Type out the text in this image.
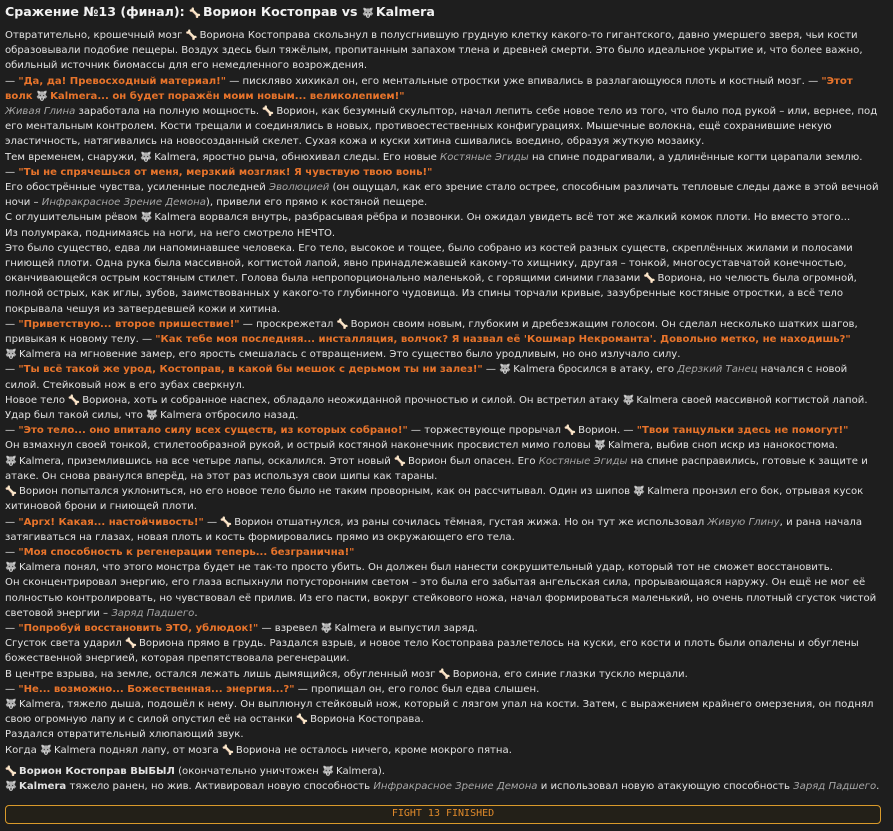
Сражение №13 (финал): 🦴 Ворион Костоправ vs 🐺 Kalmera

Отвратительно, крошечный мозг 🦴 Вориона Костоправа скользнул в полусгнившую грудную клетку какого-то гигантского, давно умершего зверя, чьи кости образовывали подобие пещеры. Воздух здесь был тяжёлым, пропитанным запахом тлена и древней смерти. Это было идеальное укрытие и, что более важно, обильный источник биомассы для его немедленного возрождения.

— "Да, да! Превосходный материал!" — писклявo хихикал он, его ментальные отростки уже впивались в разлагающуюся плоть и костный мозг. — "Этот волк 🐺 Kalmera... он будет поражён моим новым... великолепием!"

Живая Глина заработала на полную мощность. 🦴 Ворион, как безумный скульптор, начал лепить себе новое тело из того, что было под рукой – или, вернее, под его ментальным контролем. Кости трещали и соединялись в новых, противоестественных конфигурациях. Мышечные волокна, ещё сохранившие некую эластичность, натягивались на новосозданный скелет. Сухая кожа и куски хитина сшивались воедино, образуя жуткую мозаику.

Тем временем, снаружи, 🐺 Kalmera, яростно рыча, обнюхивал следы. Его новые Костяные Эгиды на спине подрагивали, а удлинённые когти царапали землю.

— "Ты не спрячешься от меня, мерзкий мозгляк! Я чувствую твою вонь!"

Его обострённые чувства, усиленные последней Эволюцией (он ощущал, как его зрение стало острее, способным различать тепловые следы даже в этой вечной ночи – Инфракрасное Зрение Демона), привели его прямо к костяной пещере.

С оглушительным рёвом 🐺 Kalmera ворвался внутрь, разбрасывая рёбра и позвонки. Он ожидал увидеть всё тот же жалкий комок плоти. Но вместо этого...

Из полумрака, поднимаясь на ноги, на него смотрело НЕЧТО.

Это было существо, едва ли напоминавшее человека. Его тело, высокое и тощее, было собрано из костей разных существ, скреплённых жилами и полосами гниющей плоти. Одна рука была массивной, когтистой лапой, явно принадлежавшей какому-то хищнику, другая – тонкой, многосуставчатой конечностью, оканчивающейся острым костяным стилет. Голова была непропорционально маленькой, с горящими синими глазами 🦴 Вориона, но челюсть была огромной, полной острых, как иглы, зубов, заимствованных у какого-то глубинного чудовища. Из спины торчали кривые, зазубренные костяные отростки, а всё тело покрывала чешуя из затвердевшей кожи и хитина.

— "Приветствую... второе пришествие!" — проскрежетал 🦴 Ворион своим новым, глубоким и дребезжащим голосом. Он сделал несколько шатких шагов, привыкая к новому телу. — "Как тебе моя последняя... инсталляция, волчок? Я назвал её 'Кошмар Некроманта'. Довольно метко, не находишь?"

🐺 Kalmera на мгновение замер, его ярость смешалась с отвращением. Это существо было уродливым, но оно излучало силу.

— "Ты всё такой же урод, Костоправ, в какой бы мешок с дерьмом ты ни залез!" — 🐺 Kalmera бросился в атаку, его Дерзкий Танец начался с новой силой. Стейковый нож в его зубах сверкнул.

Новое тело 🦴 Вориона, хоть и собранное наспех, обладало неожиданной прочностью и силой. Он встретил атаку 🐺 Kalmera своей массивной когтистой лапой. Удар был такой силы, что 🐺 Kalmera отбросило назад.

— "Это тело... оно впитало силу всех существ, из которых собрано!" — торжествующе прорычал 🦴 Ворион. — "Твои танцульки здесь не помогут!"

Он взмахнул своей тонкой, стилетообразной рукой, и острый костяной наконечник просвистел мимо головы 🐺 Kalmera, выбив сноп искр из нанокостюма.

🐺 Kalmera, приземлившись на все четыре лапы, оскалился. Этот новый 🦴 Ворион был опасен. Его Костяные Эгиды на спине расправились, готовые к защите и атаке. Он снова рванулся вперёд, на этот раз используя свои шипы как тараны.

🦴 Ворион попытался уклониться, но его новое тело было не таким проворным, как он рассчитывал. Один из шипов 🐺 Kalmera пронзил его бок, отрывая кусок хитиновой брони и гниющей плоти.

— "Аргх! Какая... настойчивость!" — 🦴 Ворион отшатнулся, из раны сочилась тёмная, густая жижа. Но он тут же использовал Живую Глину, и рана начала затягиваться на глазах, новая плоть и кость формировались прямо из окружающего его тела.

— "Моя способность к регенерации теперь... безгранична!"

🐺 Kalmera понял, что этого монстра будет не так-то просто убить. Он должен был нанести сокрушительный удар, который тот не сможет восстановить.

Он сконцентрировал энергию, его глаза вспыхнули потусторонним светом – это была его забытая ангельская сила, прорывающаяся наружу. Он ещё не мог её полностью контролировать, но чувствовал её прилив. Из его пасти, вокруг стейкового ножа, начал формироваться маленький, но очень плотный сгусток чистой световой энергии – Заряд Падшего.

— "Попробуй восстановить ЭТО, ублюдок!" — взревел 🐺 Kalmera и выпустил заряд.

Сгусток света ударил 🦴 Вориона прямо в грудь. Раздался взрыв, и новое тело Костоправа разлетелось на куски, его кости и плоть были опалены и обуглены божественной энергией, которая препятствовала регенерации.

В центре взрыва, на земле, остался лежать лишь дымящийся, обугленный мозг 🦴 Вориона, его синие глазки тускло мерцали.

— "Не... возможно... Божественная... энергия...?" — пропищал он, его голос был едва слышен.

🐺 Kalmera, тяжело дыша, подошёл к нему. Он выплюнул стейковый нож, который с лязгом упал на кости. Затем, с выражением крайнего омерзения, он поднял свою огромную лапу и с силой опустил её на останки 🦴 Вориона Костоправа.

Раздался отвратительный хлюпающий звук.

Когда 🐺 Kalmera поднял лапу, от мозга 🦴 Вориона не осталось ничего, кроме мокрого пятна.

🦴 Ворион Костоправ ВЫБЫЛ (окончательно уничтожен 🐺 Kalmera).

🐺 Kalmera тяжело ранен, но жив. Активировал новую способность Инфракрасное Зрение Демона и использовал новую атакующую способность Заряд Падшего.

FIGHT 13 FINISHED
